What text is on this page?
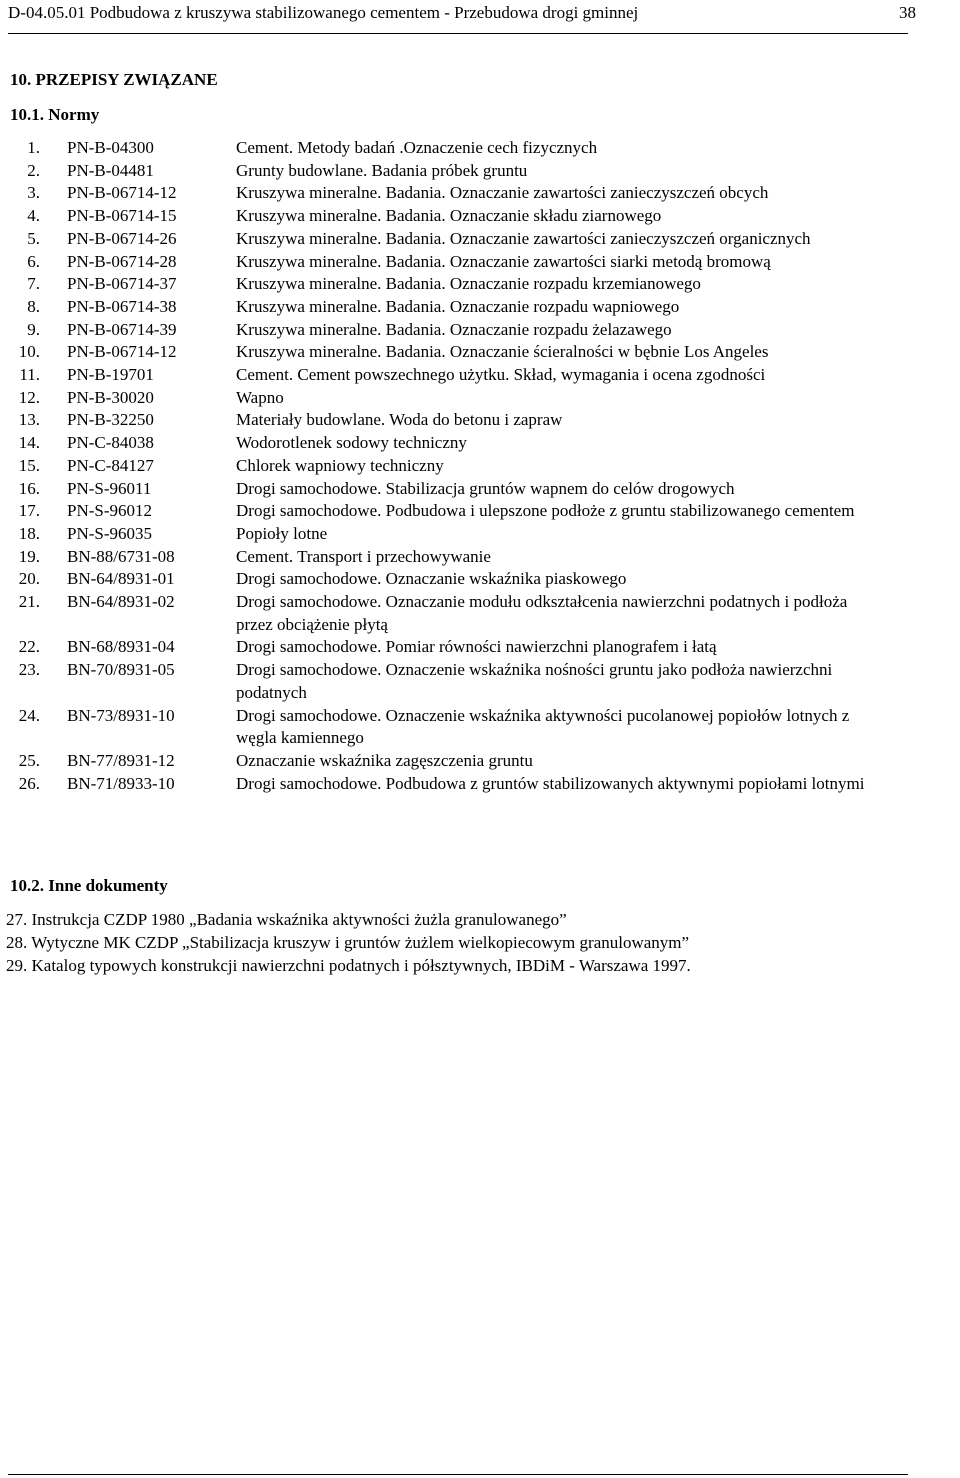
D-04.05.01 Podbudowa z kruszywa stabilizowanego cementem - Przebudowa drogi gminnej	38
10. PRZEPISY ZWIĄZANE
10.1. Normy
1.	PN-B-04300	Cement. Metody badań .Oznaczenie cech fizycznych
2.	PN-B-04481	Grunty budowlane. Badania próbek gruntu
3.	PN-B-06714-12	Kruszywa mineralne. Badania. Oznaczanie zawartości zanieczyszczeń obcych
4.	PN-B-06714-15	Kruszywa mineralne. Badania. Oznaczanie składu ziarnowego
5.	PN-B-06714-26	Kruszywa mineralne. Badania. Oznaczanie zawartości zanieczyszczeń organicznych
6.	PN-B-06714-28	Kruszywa mineralne. Badania. Oznaczanie zawartości siarki metodą bromową
7.	PN-B-06714-37	Kruszywa mineralne. Badania. Oznaczanie rozpadu krzemianowego
8.	PN-B-06714-38	Kruszywa mineralne. Badania. Oznaczanie rozpadu wapniowego
9.	PN-B-06714-39	Kruszywa mineralne. Badania. Oznaczanie rozpadu żelazawego
10.	PN-B-06714-12	Kruszywa mineralne. Badania. Oznaczanie ścieralności w bębnie Los Angeles
11.	PN-B-19701	Cement. Cement powszechnego użytku. Skład, wymagania i ocena zgodności
12.	PN-B-30020	Wapno
13.	PN-B-32250	Materiały budowlane. Woda do betonu i zapraw
14.	PN-C-84038	Wodorotlenek sodowy techniczny
15.	PN-C-84127	Chlorek wapniowy techniczny
16.	PN-S-96011	Drogi samochodowe. Stabilizacja gruntów wapnem do celów drogowych
17.	PN-S-96012	Drogi samochodowe. Podbudowa i ulepszone podłoże z gruntu stabilizowanego cementem
18.	PN-S-96035	Popioły lotne
19.	BN-88/6731-08	Cement. Transport i przechowywanie
20.	BN-64/8931-01	Drogi samochodowe. Oznaczanie wskaźnika piaskowego
21.	BN-64/8931-02	Drogi samochodowe. Oznaczanie modułu odkształcenia nawierzchni podatnych i podłoża przez obciążenie płytą
22.	BN-68/8931-04	Drogi samochodowe. Pomiar równości nawierzchni planografem i łatą
23.	BN-70/8931-05	Drogi samochodowe. Oznaczenie wskaźnika nośności gruntu jako podłoża nawierzchni podatnych
24.	BN-73/8931-10	Drogi samochodowe. Oznaczenie wskaźnika aktywności pucolanowej popiołów lotnych z węgla kamiennego
25.	BN-77/8931-12	Oznaczanie wskaźnika zagęszczenia gruntu
26.	BN-71/8933-10	Drogi samochodowe. Podbudowa z gruntów stabilizowanych aktywnymi popiołami lotnymi
10.2. Inne dokumenty
27. Instrukcja CZDP 1980 „Badania wskaźnika aktywności żużla granulowanego”
28. Wytyczne MK CZDP „Stabilizacja kruszyw i gruntów żużlem wielkopiecowym granulowanym”
29. Katalog typowych konstrukcji nawierzchni podatnych i półsztywnych, IBDiM - Warszawa 1997.
